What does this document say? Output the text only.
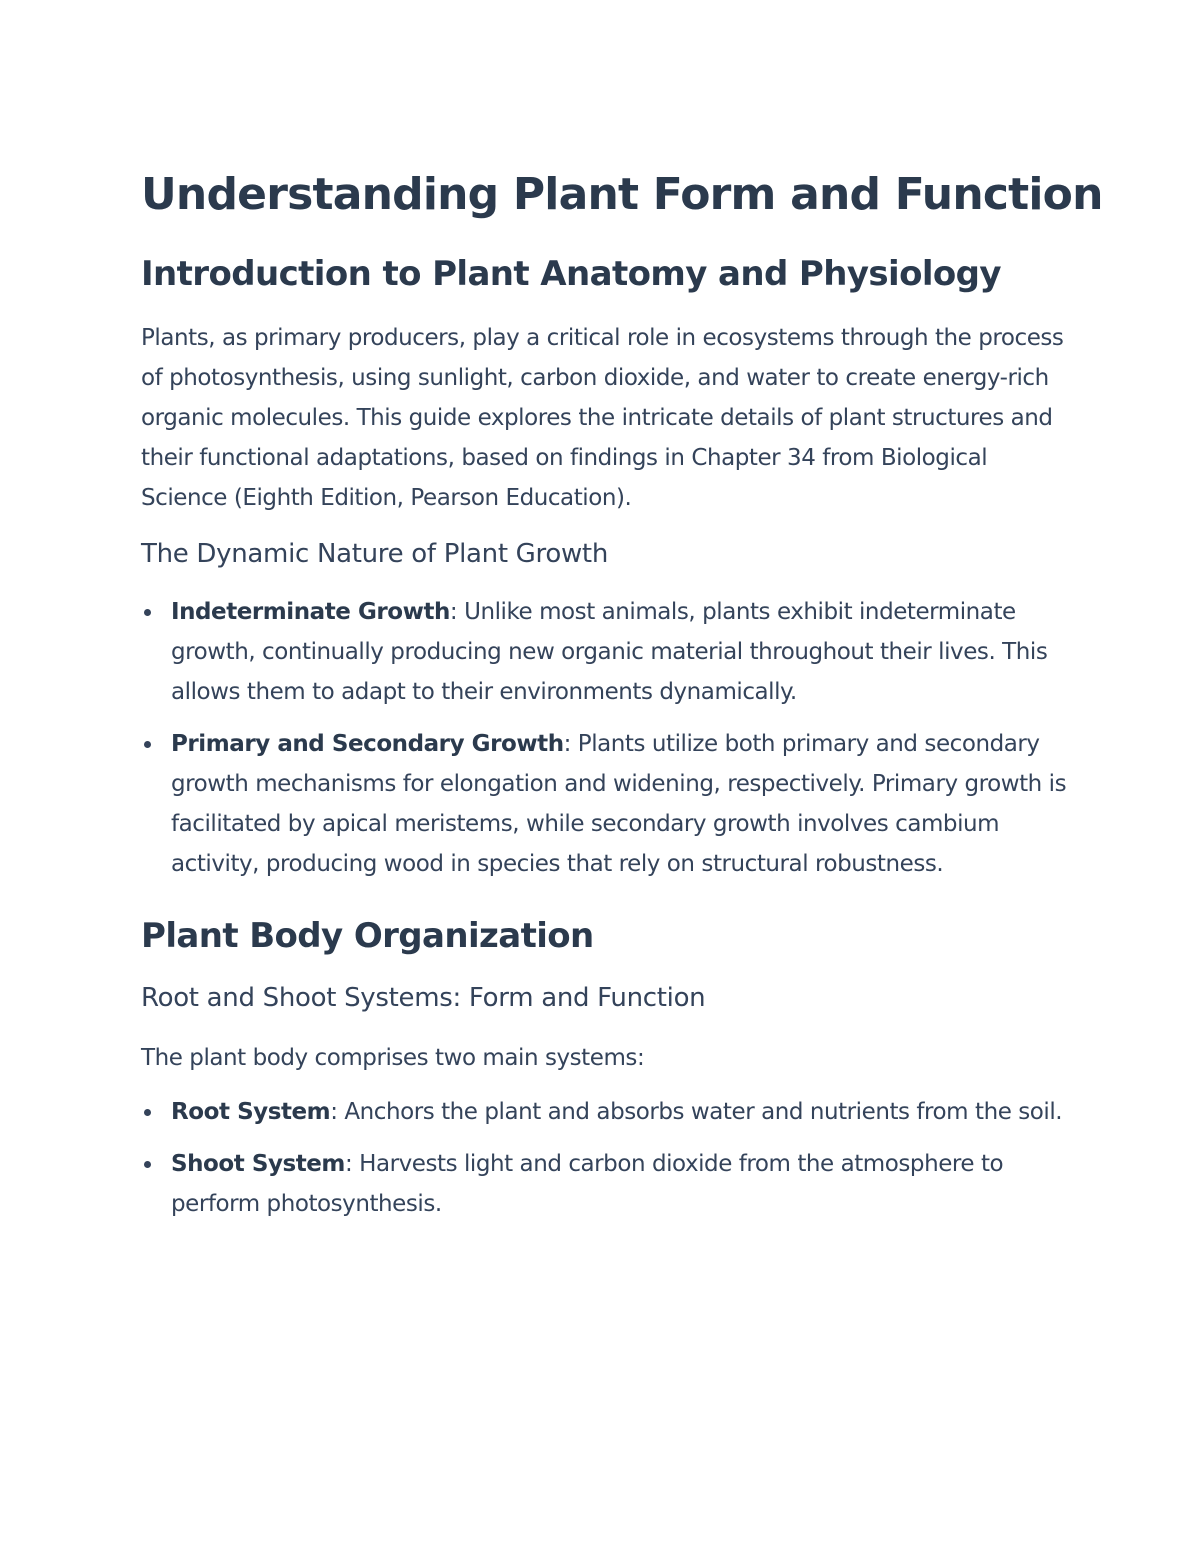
Understanding Plant Form and Function
Introduction to Plant Anatomy and Physiology

Plants, as primary producers, play a critical role in ecosystems through the process of photosynthesis, using sunlight, carbon dioxide, and water to create energy-rich organic molecules. This guide explores the intricate details of plant structures and their functional adaptations, based on findings in Chapter 34 from Biological Science (Eighth Edition, Pearson Education).

The Dynamic Nature of Plant Growth
Indeterminate Growth: Unlike most animals, plants exhibit indeterminate growth, continually producing new organic material throughout their lives. This allows them to adapt to their environments dynamically.
Primary and Secondary Growth: Plants utilize both primary and secondary growth mechanisms for elongation and widening, respectively. Primary growth is facilitated by apical meristems, while secondary growth involves cambium activity, producing wood in species that rely on structural robustness.
Plant Body Organization
Root and Shoot Systems: Form and Function

The plant body comprises two main systems:

Root System: Anchors the plant and absorbs water and nutrients from the soil.
Shoot System: Harvests light and carbon dioxide from the atmosphere to perform photosynthesis.
